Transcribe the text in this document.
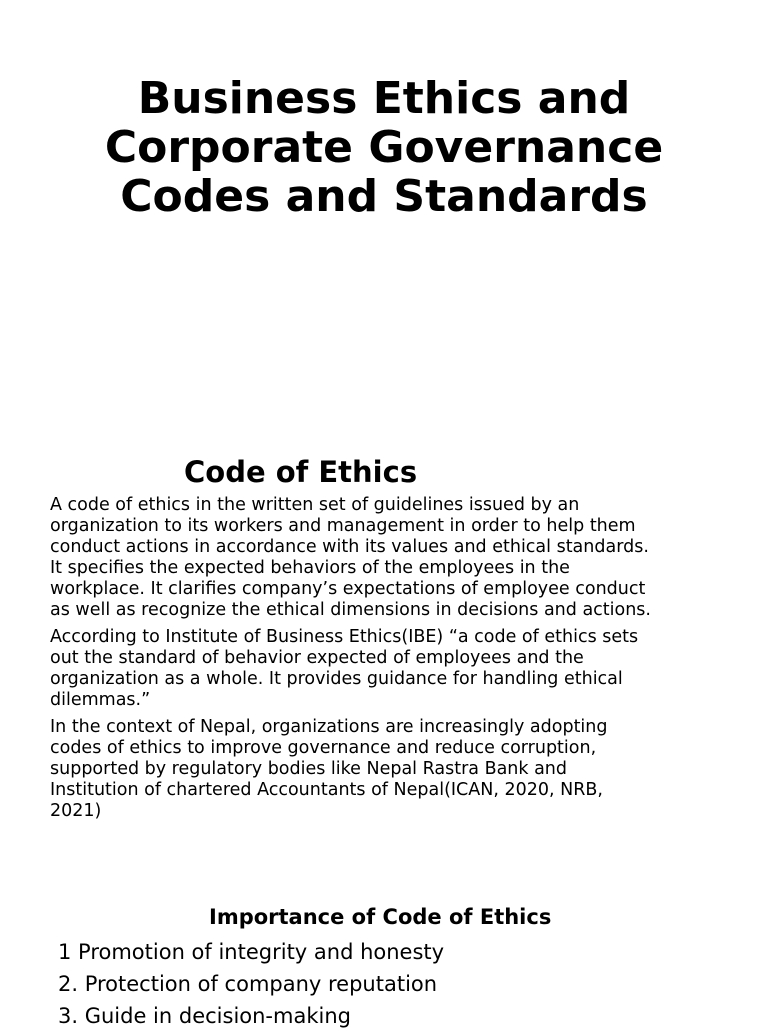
Business Ethics and

Corporate Governance

Codes and Standards

Code of Ethics

A code of ethics in the written set of guidelines issued by an
organization to its workers and management in order to help them
conduct actions in accordance with its values and ethical standards.
It specifies the expected behaviors of the employees in the
workplace. It clarifies company’s expectations of employee conduct
as well as recognize the ethical dimensions in decisions and actions.

According to Institute of Business Ethics(IBE) “a code of ethics sets
out the standard of behavior expected of employees and the
organization as a whole. It provides guidance for handling ethical
dilemmas.”

In the context of Nepal, organizations are increasingly adopting
codes of ethics to improve governance and reduce corruption,
supported by regulatory bodies like Nepal Rastra Bank and
Institution of chartered Accountants of Nepal(ICAN, 2020, NRB,
2021)

Importance of Code of Ethics
1 Promotion of integrity and honesty
2. Protection of company reputation
3. Guide in decision-making
